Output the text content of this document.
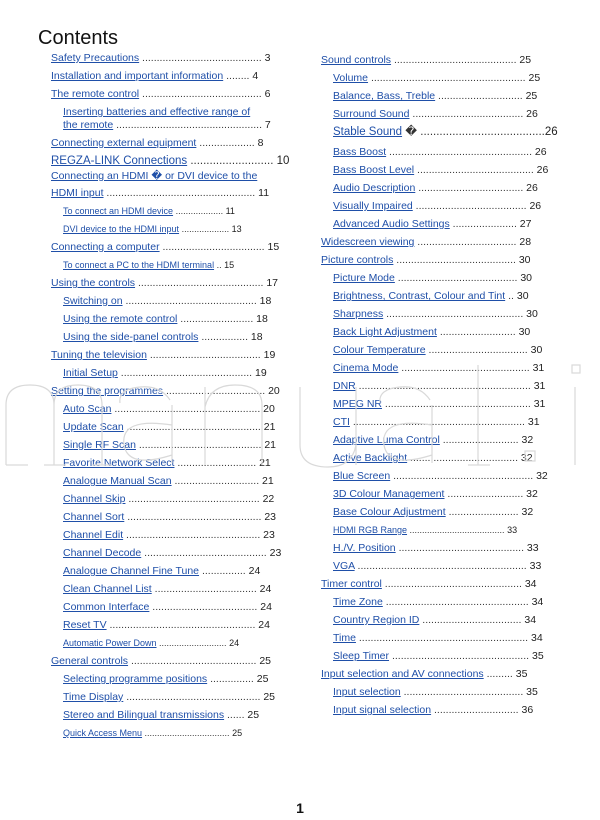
Contents
Safety Precautions ......................................... 3
Installation and important information ........ 4
The remote control ......................................... 6
Inserting batteries and effective range of
the remote .................................................. 7
Connecting external equipment ................... 8
REGZA-LINK Connections .......................... 10
Connecting an HDMI � or DVI device to the
HDMI input ................................................... 11
To connect an HDMI device ................... 11
DVI device to the HDMI input ................... 13
Connecting a computer ................................... 15
To connect a PC to the HDMI terminal .. 15
Using the controls ........................................... 17
Switching on ............................................. 18
Using the remote control ......................... 18
Using the side-panel controls ................ 18
Tuning the television ...................................... 19
Initial Setup ............................................. 19
Setting the programmes .................................. 20
Auto Scan .................................................. 20
Update Scan .............................................. 21
Single RF Scan .......................................... 21
Favorite Network Select ........................... 21
Analogue Manual Scan ............................. 21
Channel Skip ............................................. 22
Channel Sort .............................................. 23
Channel Edit .............................................. 23
Channel Decode .......................................... 23
Analogue Channel Fine Tune ............... 24
Clean Channel List ................................... 24
Common Interface .................................... 24
Reset TV .................................................. 24
Automatic Power Down ........................... 24
General controls ........................................... 25
Selecting programme positions ............... 25
Time Display .............................................. 25
Stereo and Bilingual transmissions ...... 25
Quick Access Menu .................................. 25
Sound controls .......................................... 25
Volume ..................................................... 25
Balance, Bass, Treble ............................. 25
Surround Sound ...................................... 26
Stable Sound � .......................................26
Bass Boost ................................................. 26
Bass Boost Level ........................................ 26
Audio Description .................................... 26
Visually Impaired ...................................... 26
Advanced Audio Settings ...................... 27
Widescreen viewing .................................. 28
Picture controls ......................................... 30
Picture Mode ......................................... 30
Brightness, Contrast, Colour and Tint .. 30
Sharpness ............................................... 30
Back Light Adjustment .......................... 30
Colour Temperature .................................. 30
Cinema Mode ............................................ 31
DNR ........................................................... 31
MPEG NR .................................................. 31
CTI ........................................................... 31
Adaptive Luma Control .......................... 32
Active Backlight ..................................... 32
Blue Screen ................................................ 32
3D Colour Management .......................... 32
Base Colour Adjustment ........................ 32
HDMI RGB Range ...................................... 33
H./V. Position ........................................... 33
VGA .......................................................... 33
Timer control ............................................... 34
Time Zone ................................................. 34
Country Region ID .................................. 34
Time .......................................................... 34
Sleep Timer ............................................... 35
Input selection and AV connections ......... 35
Input selection ......................................... 35
Input signal selection ............................. 36
1
